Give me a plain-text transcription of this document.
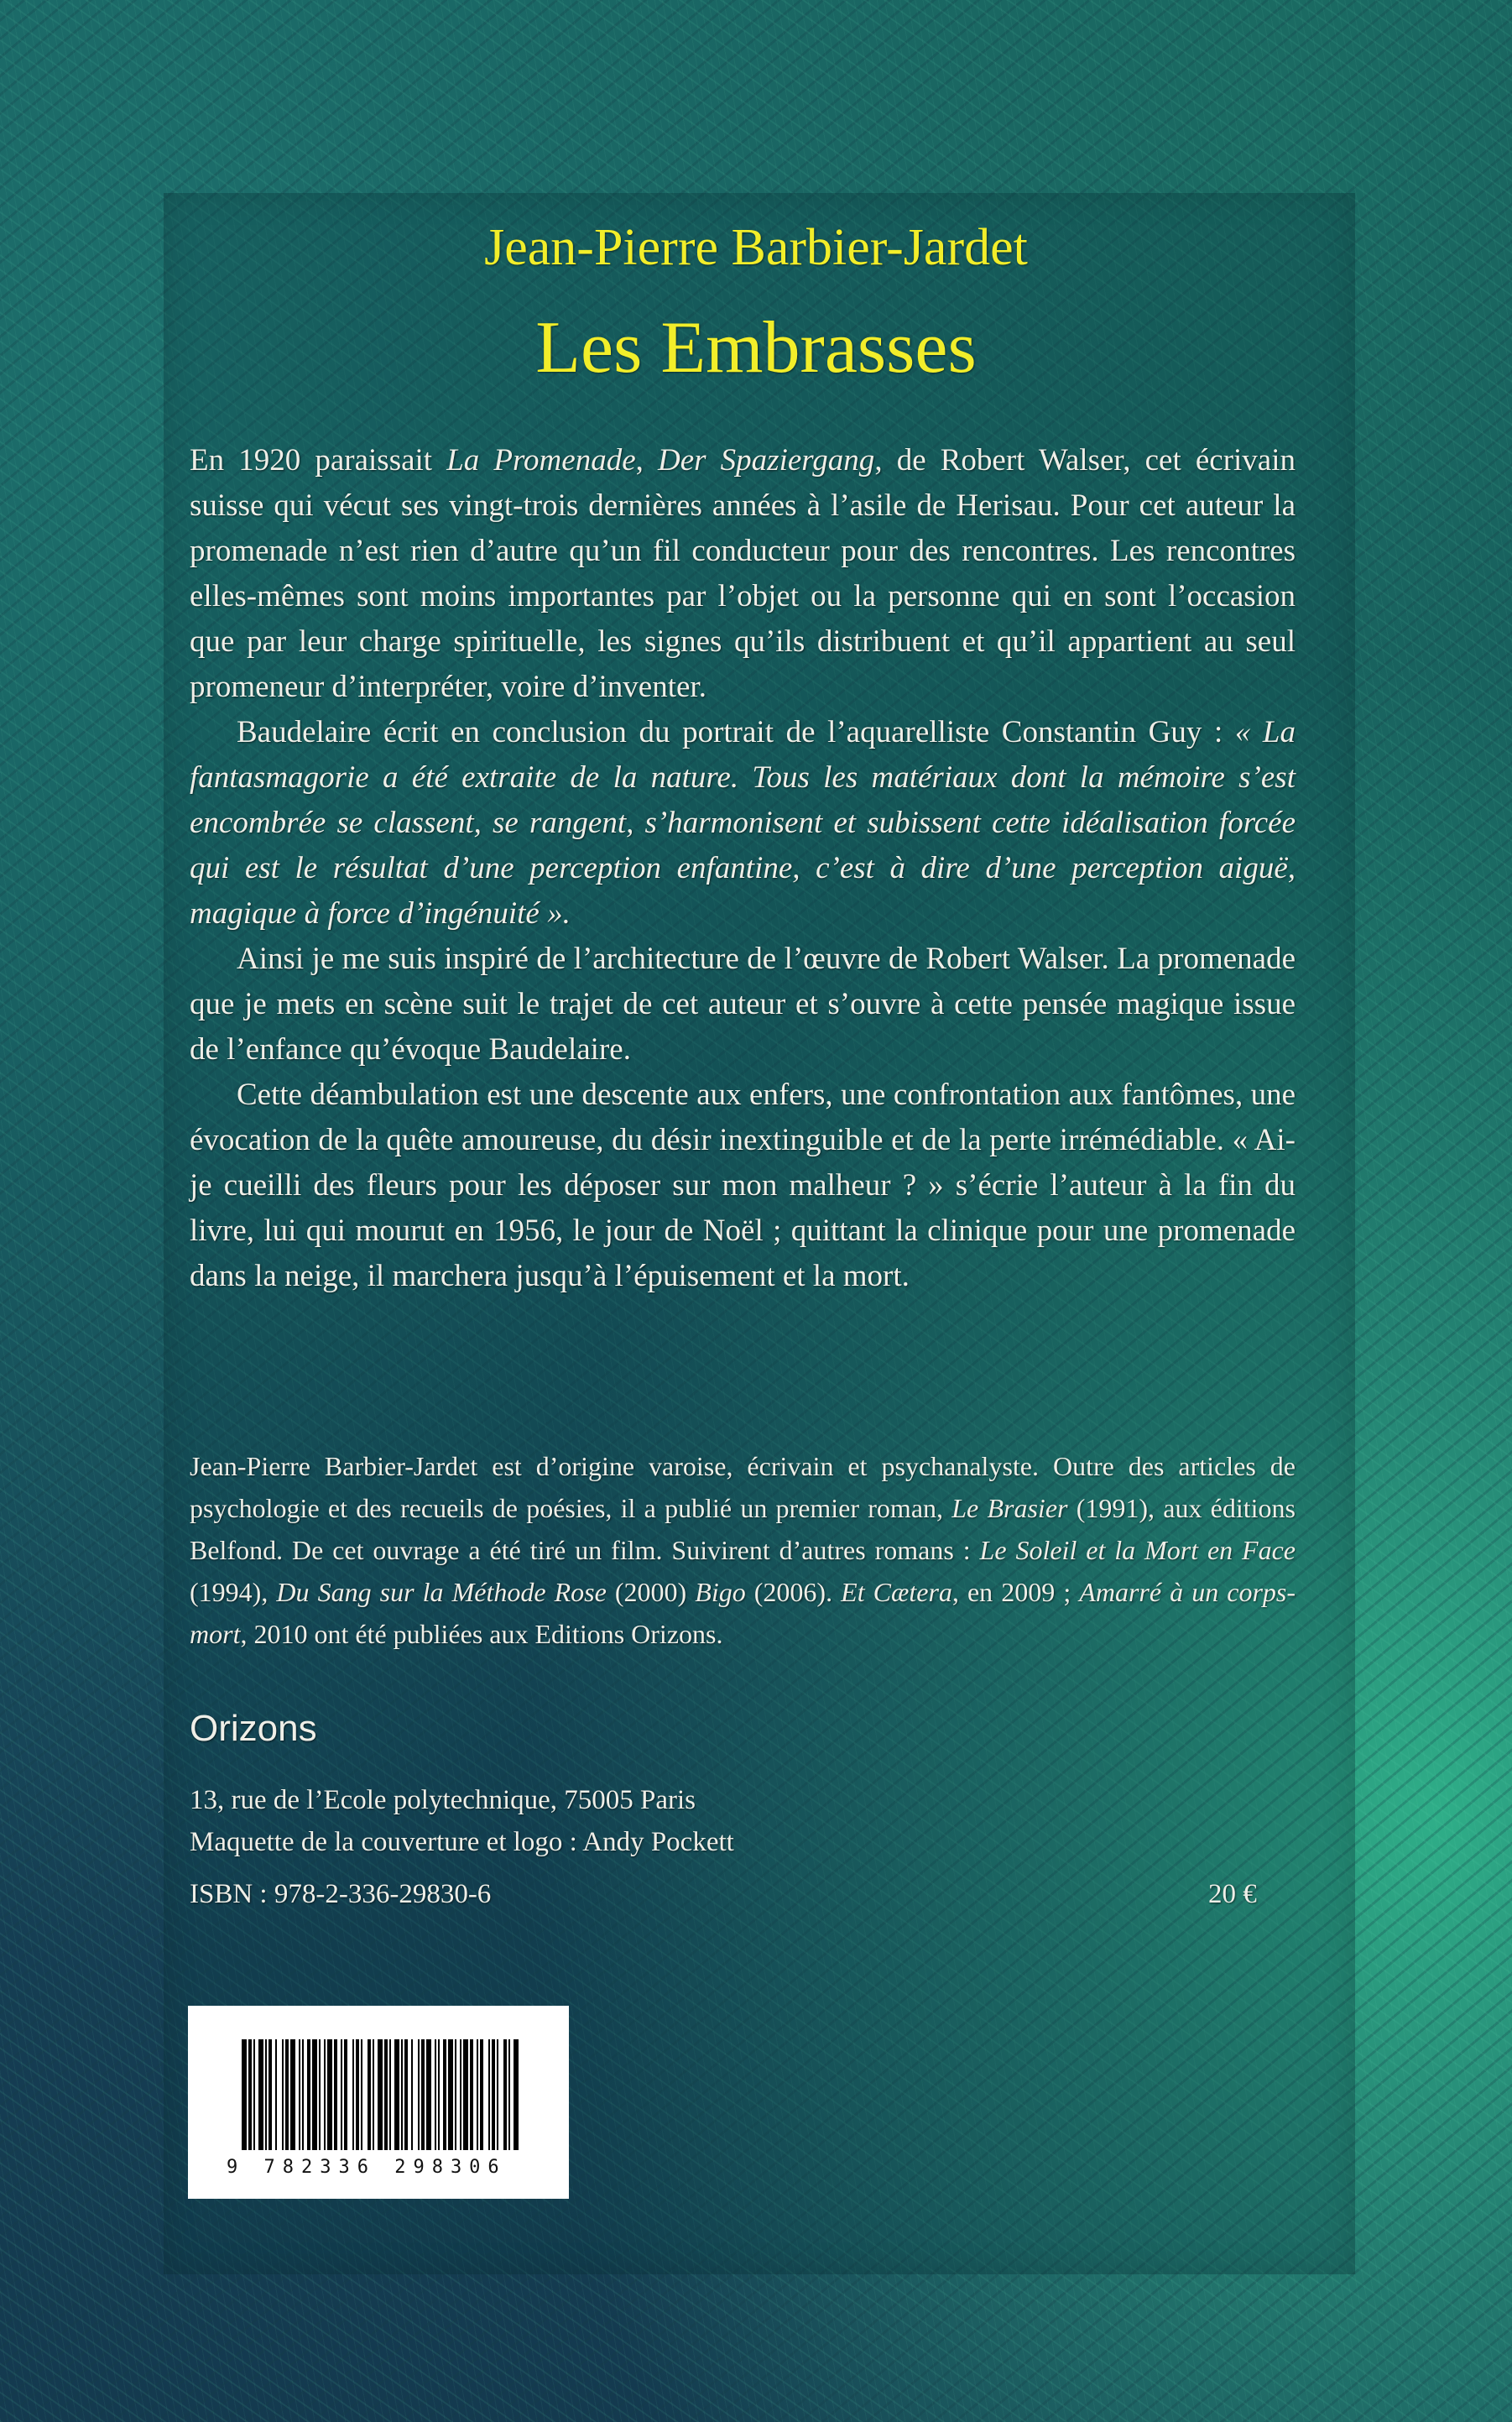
Jean-Pierre Barbier-Jardet
Les Embrasses

En 1920 paraissait La Promenade, Der Spaziergang, de Robert Walser, cet écrivain suisse qui vécut ses vingt-trois dernières années à l’asile de Herisau. Pour cet auteur la promenade n’est rien d’autre qu’un fil conducteur pour des rencontres. Les rencontres elles-mêmes sont moins importantes par l’objet ou la personne qui en sont l’occasion que par leur charge spirituelle, les signes qu’ils distribuent et qu’il appartient au seul promeneur d’interpréter, voire d’inventer.

Baudelaire écrit en conclusion du portrait de l’aquarelliste Constantin Guy : « La fantasmagorie a été extraite de la nature. Tous les matériaux dont la mémoire s’est encombrée se classent, se rangent, s’harmonisent et subissent cette idéalisation forcée qui est le résultat d’une perception enfantine, c’est à dire d’une perception aiguë, magique à force d’ingénuité ».

Ainsi je me suis inspiré de l’architecture de l’œuvre de Robert Walser. La promenade que je mets en scène suit le trajet de cet auteur et s’ouvre à cette pensée magique issue de l’enfance qu’évoque Baudelaire.

Cette déambulation est une descente aux enfers, une confrontation aux fantômes, une évocation de la quête amoureuse, du désir inextinguible et de la perte irrémédiable. « Ai-je cueilli des fleurs pour les déposer sur mon malheur ? » s’écrie l’auteur à la fin du livre, lui qui mourut en 1956, le jour de Noël ; quittant la clinique pour une promenade dans la neige, il marchera jusqu’à l’épuisement et la mort.

Jean-Pierre Barbier-Jardet est d’origine varoise, écrivain et psychanalyste. Outre des articles de psychologie et des recueils de poésies, il a publié un premier roman, Le Brasier (1991), aux éditions Belfond. De cet ouvrage a été tiré un film. Suivirent d’autres romans : Le Soleil et la Mort en Face (1994), Du Sang sur la Méthode Rose (2000) Bigo (2006). Et Cætera, en 2009 ; Amarré à un corps-mort, 2010 ont été publiées aux Editions Orizons.
Orizons
13, rue de l’Ecole polytechnique, 75005 Paris
Maquette de la couverture et logo : Andy Pockett
ISBN : 978-2-336-29830-6	20 €
9 782336 298306
